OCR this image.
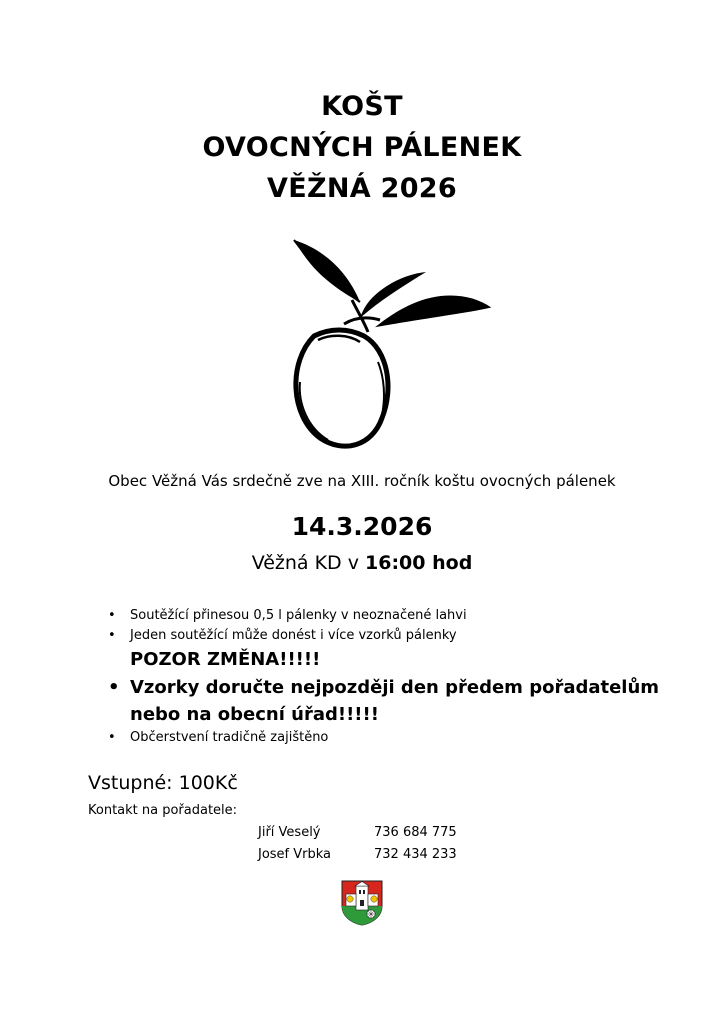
KOŠT
OVOCNÝCH PÁLENEK
VĚŽNÁ 2026
Obec Věžná Vás srdečně zve na XIII. ročník koštu ovocných pálenek
14.3.2026
Věžná KD v 16:00 hod
• Soutěžící přinesou 0,5 l pálenky v neoznačené lahvi
• Jeden soutěžící může donést i více vzorků pálenky
POZOR ZMĚNA!!!!!
• Vzorky doručte nejpozději den předem pořadatelům
nebo na obecní úřad!!!!!
• Občerstvení tradičně zajištěno
Vstupné: 100Kč
Kontakt na pořadatele:
Jiří Veselý	736 684 775
Josef Vrbka	732 434 233
